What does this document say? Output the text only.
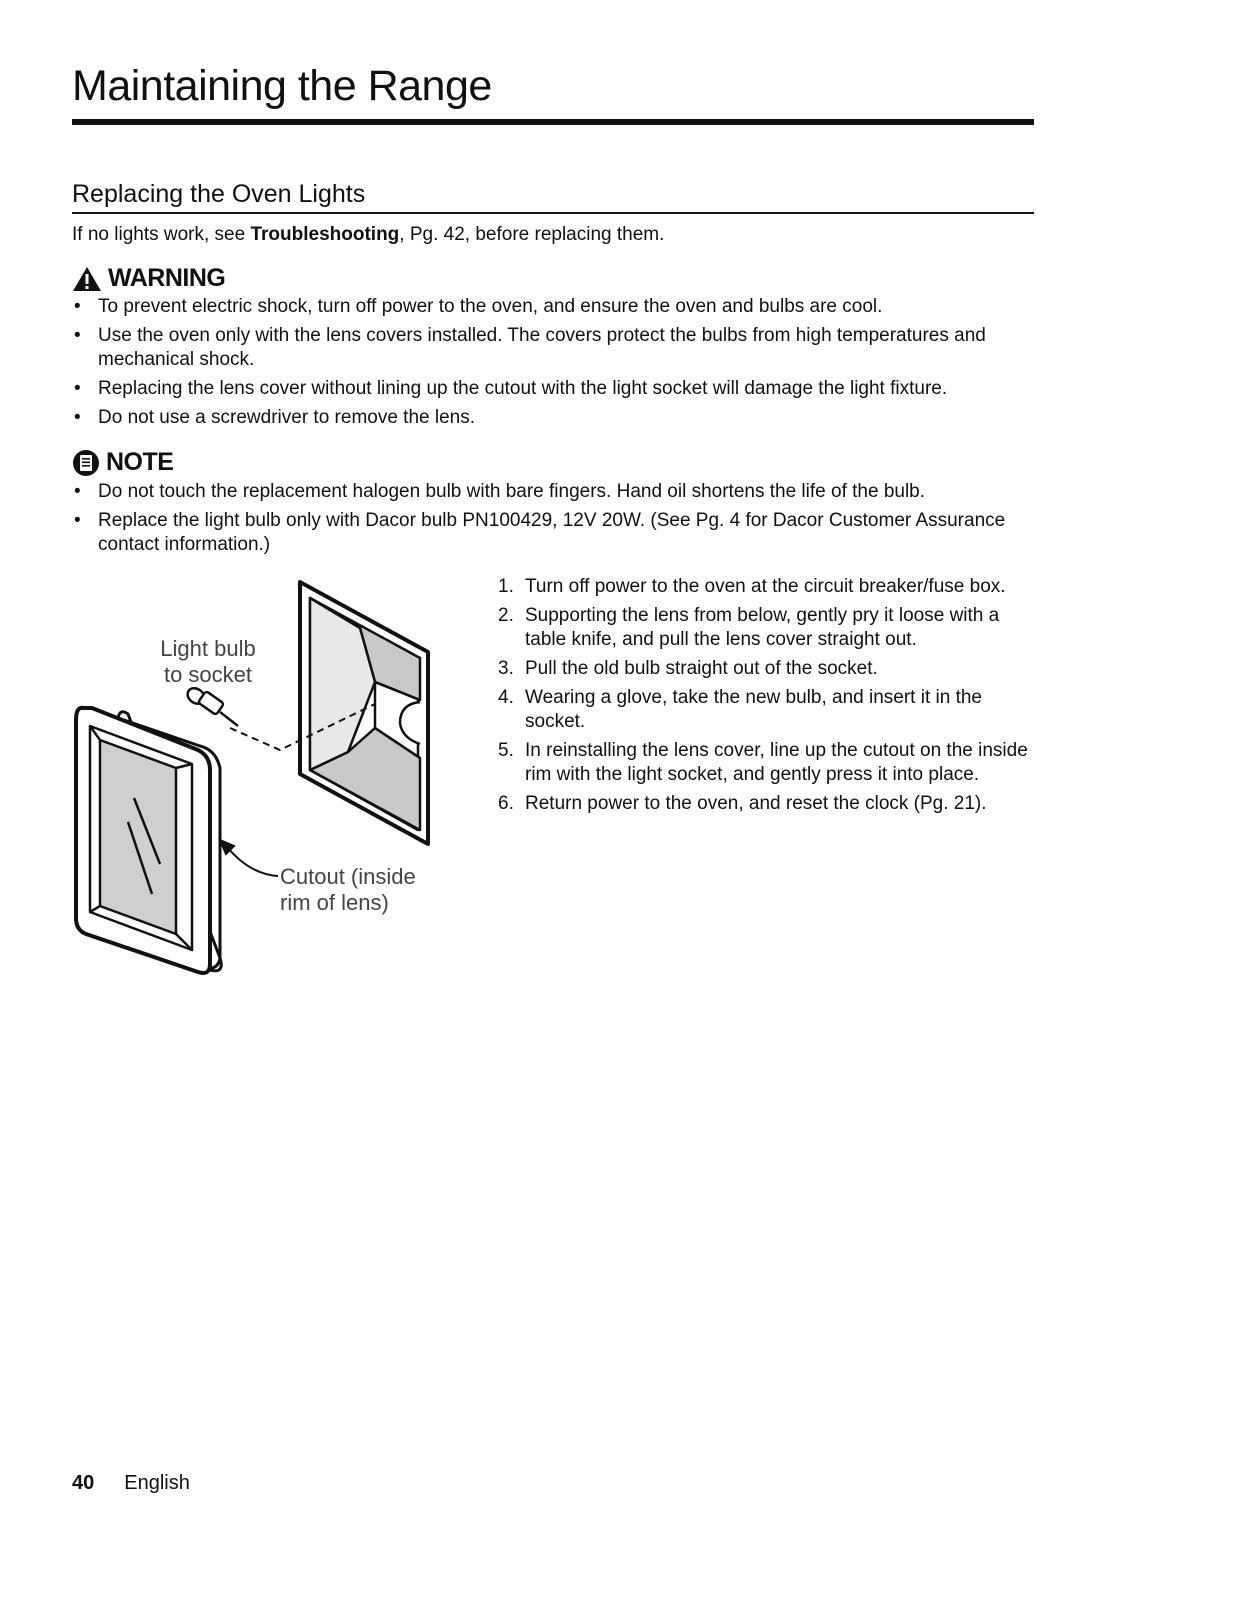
Maintaining the Range
Replacing the Oven Lights

If no lights work, see Troubleshooting, Pg. 42, before replacing them.

WARNING
• To prevent electric shock, turn off power to the oven, and ensure the oven and bulbs are cool.
• Use the oven only with the lens covers installed. The covers protect the bulbs from high temperatures and mechanical shock.
• Replacing the lens cover without lining up the cutout with the light socket will damage the light fixture.
• Do not use a screwdriver to remove the lens.
NOTE
• Do not touch the replacement halogen bulb with bare fingers. Hand oil shortens the life of the bulb.
• Replace the light bulb only with Dacor bulb PN100429, 12V 20W. (See Pg. 4 for Dacor Customer Assurance contact information.)
Light bulb
to socket
Cutout (inside
rim of lens)
1. Turn off power to the oven at the circuit breaker/fuse box.
2. Supporting the lens from below, gently pry it loose with a table knife, and pull the lens cover straight out.
3. Pull the old bulb straight out of the socket.
4. Wearing a glove, take the new bulb, and insert it in the socket.
5. In reinstalling the lens cover, line up the cutout on the inside rim with the light socket, and gently press it into place.
6. Return power to the oven, and reset the clock (Pg. 21).
40 English
